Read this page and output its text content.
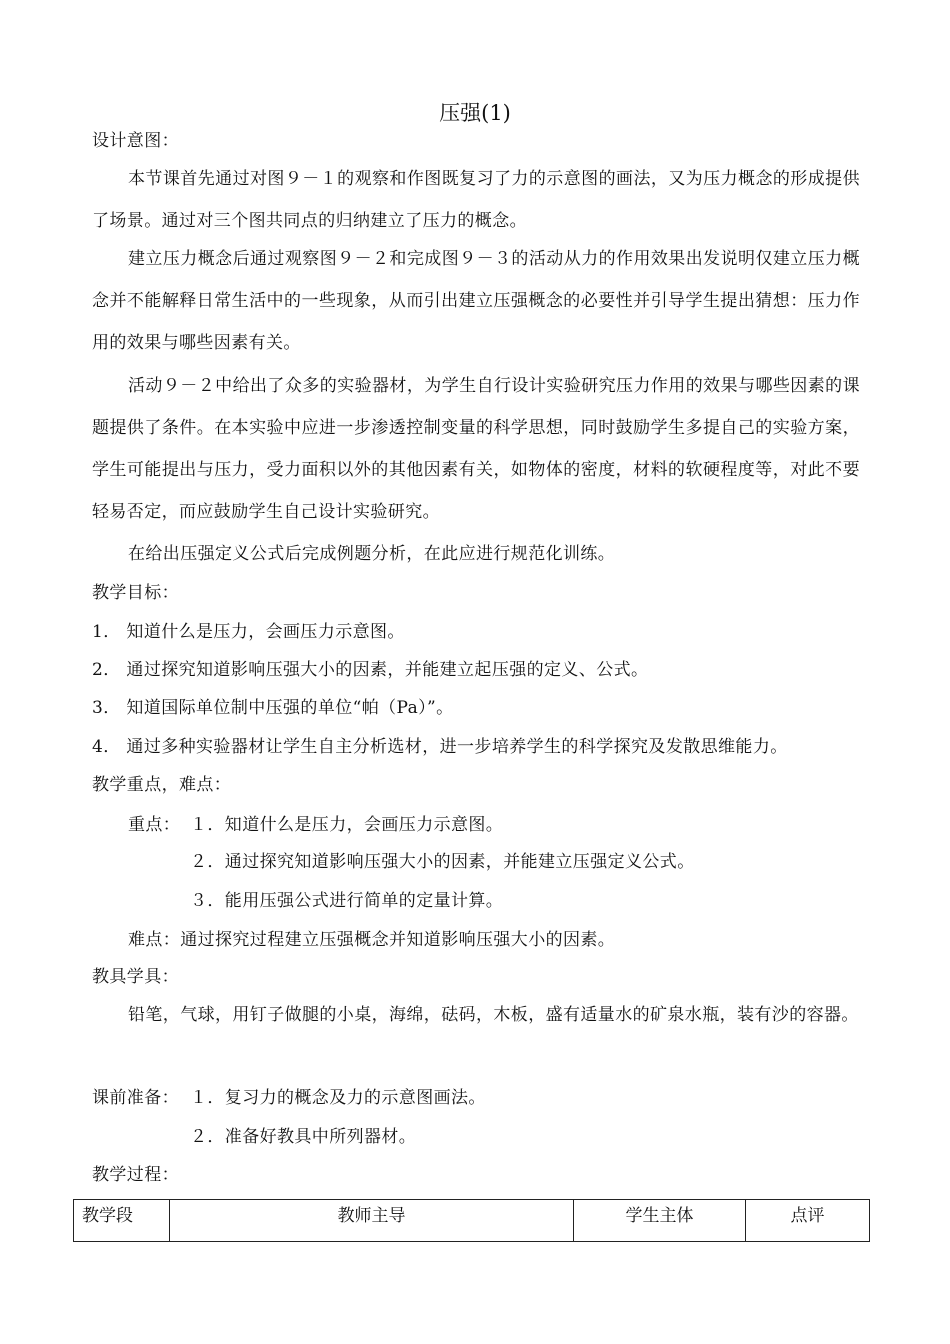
压强(1)
设计意图：
本节课首先通过对图９－１的观察和作图既复习了力的示意图的画法，又为压力概念的形成提供了场景。通过对三个图共同点的归纳建立了压力的概念。
建立压力概念后通过观察图９－２和完成图９－３的活动从力的作用效果出发说明仅建立压力概念并不能解释日常生活中的一些现象，从而引出建立压强概念的必要性并引导学生提出猜想：压力作用的效果与哪些因素有关。
活动９－２中给出了众多的实验器材，为学生自行设计实验研究压力作用的效果与哪些因素的课题提供了条件。在本实验中应进一步渗透控制变量的科学思想，同时鼓励学生多提自己的实验方案，学生可能提出与压力，受力面积以外的其他因素有关，如物体的密度，材料的软硬程度等，对此不要轻易否定，而应鼓励学生自己设计实验研究。
在给出压强定义公式后完成例题分析，在此应进行规范化训练。
教学目标：
1． 知道什么是压力，会画压力示意图。
2． 通过探究知道影响压强大小的因素，并能建立起压强的定义、公式。
3． 知道国际单位制中压强的单位“帕（Pa）”。
4． 通过多种实验器材让学生自主分析选材，进一步培养学生的科学探究及发散思维能力。
教学重点，难点：
重点： １．知道什么是压力，会画压力示意图。
２．通过探究知道影响压强大小的因素，并能建立压强定义公式。
３．能用压强公式进行简单的定量计算。
难点：通过探究过程建立压强概念并知道影响压强大小的因素。
教具学具：
铅笔，气球，用钉子做腿的小桌，海绵，砝码，木板，盛有适量水的矿泉水瓶，装有沙的容器。
课前准备： １．复习力的概念及力的示意图画法。
２．准备好教具中所列器材。
教学过程：
教学段	教师主导	学生主体	点评
